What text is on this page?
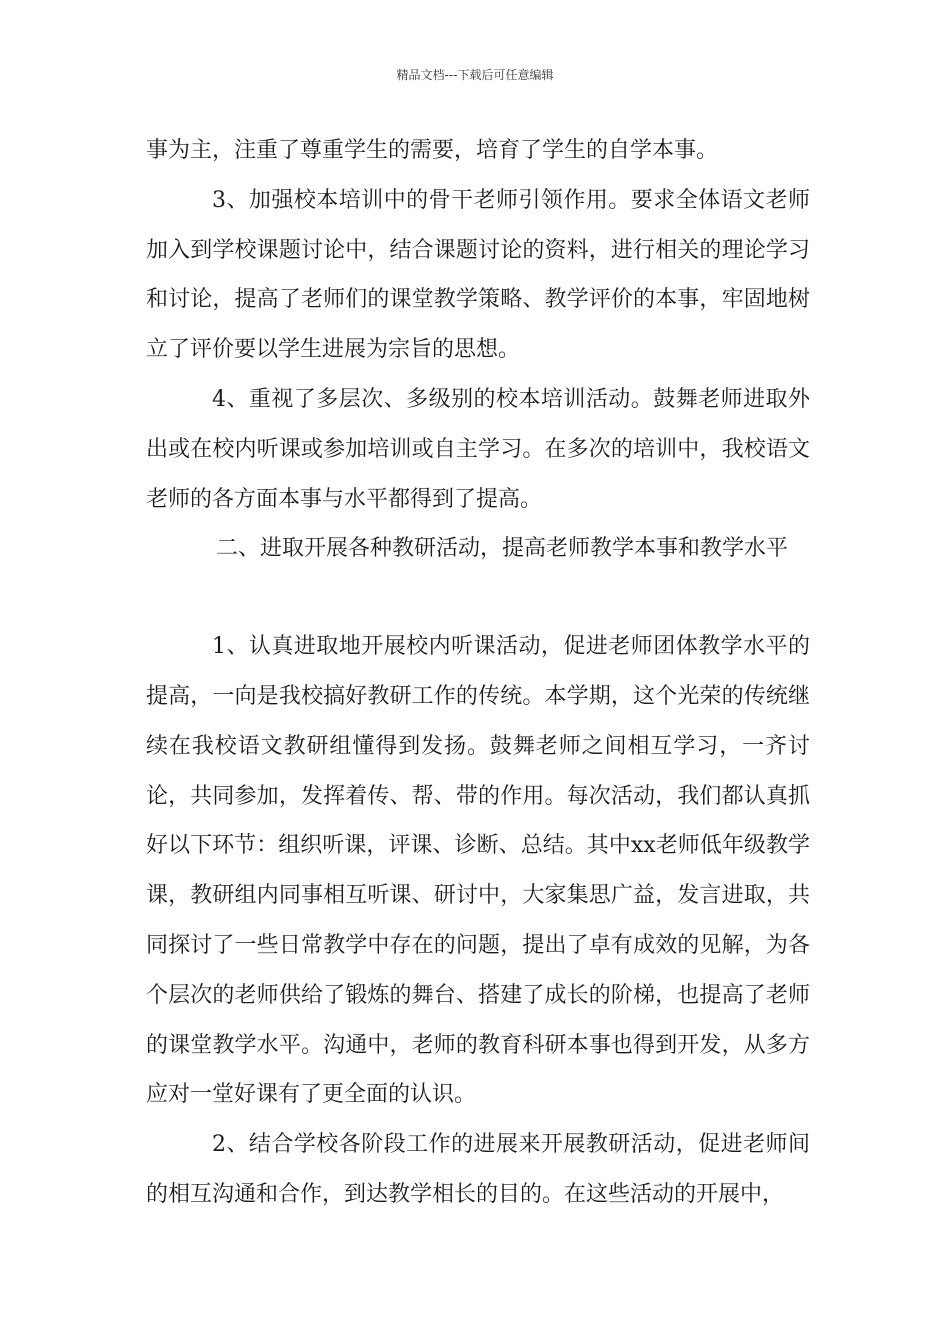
精品文档---下载后可任意编辑

事为主，注重了尊重学生的需要，培育了学生的自学本事。

3、加强校本培训中的骨干老师引领作用。要求全体语文老师加入到学校课题讨论中，结合课题讨论的资料，进行相关的理论学习和讨论，提高了老师们的课堂教学策略、教学评价的本事，牢固地树立了评价要以学生进展为宗旨的思想。

4、重视了多层次、多级别的校本培训活动。鼓舞老师进取外出或在校内听课或参加培训或自主学习。在多次的培训中，我校语文老师的各方面本事与水平都得到了提高。

二、进取开展各种教研活动，提高老师教学本事和教学水平

1、认真进取地开展校内听课活动，促进老师团体教学水平的提高，一向是我校搞好教研工作的传统。本学期，这个光荣的传统继续在我校语文教研组懂得到发扬。鼓舞老师之间相互学习，一齐讨论，共同参加，发挥着传、帮、带的作用。每次活动，我们都认真抓好以下环节：组织听课，评课、诊断、总结。其中xx老师低年级教学课，教研组内同事相互听课、研讨中，大家集思广益，发言进取，共同探讨了一些日常教学中存在的问题，提出了卓有成效的见解，为各个层次的老师供给了锻炼的舞台、搭建了成长的阶梯，也提高了老师的课堂教学水平。沟通中，老师的教育科研本事也得到开发，从多方应对一堂好课有了更全面的认识。

2、结合学校各阶段工作的进展来开展教研活动，促进老师间的相互沟通和合作，到达教学相长的目的。在这些活动的开展中，
